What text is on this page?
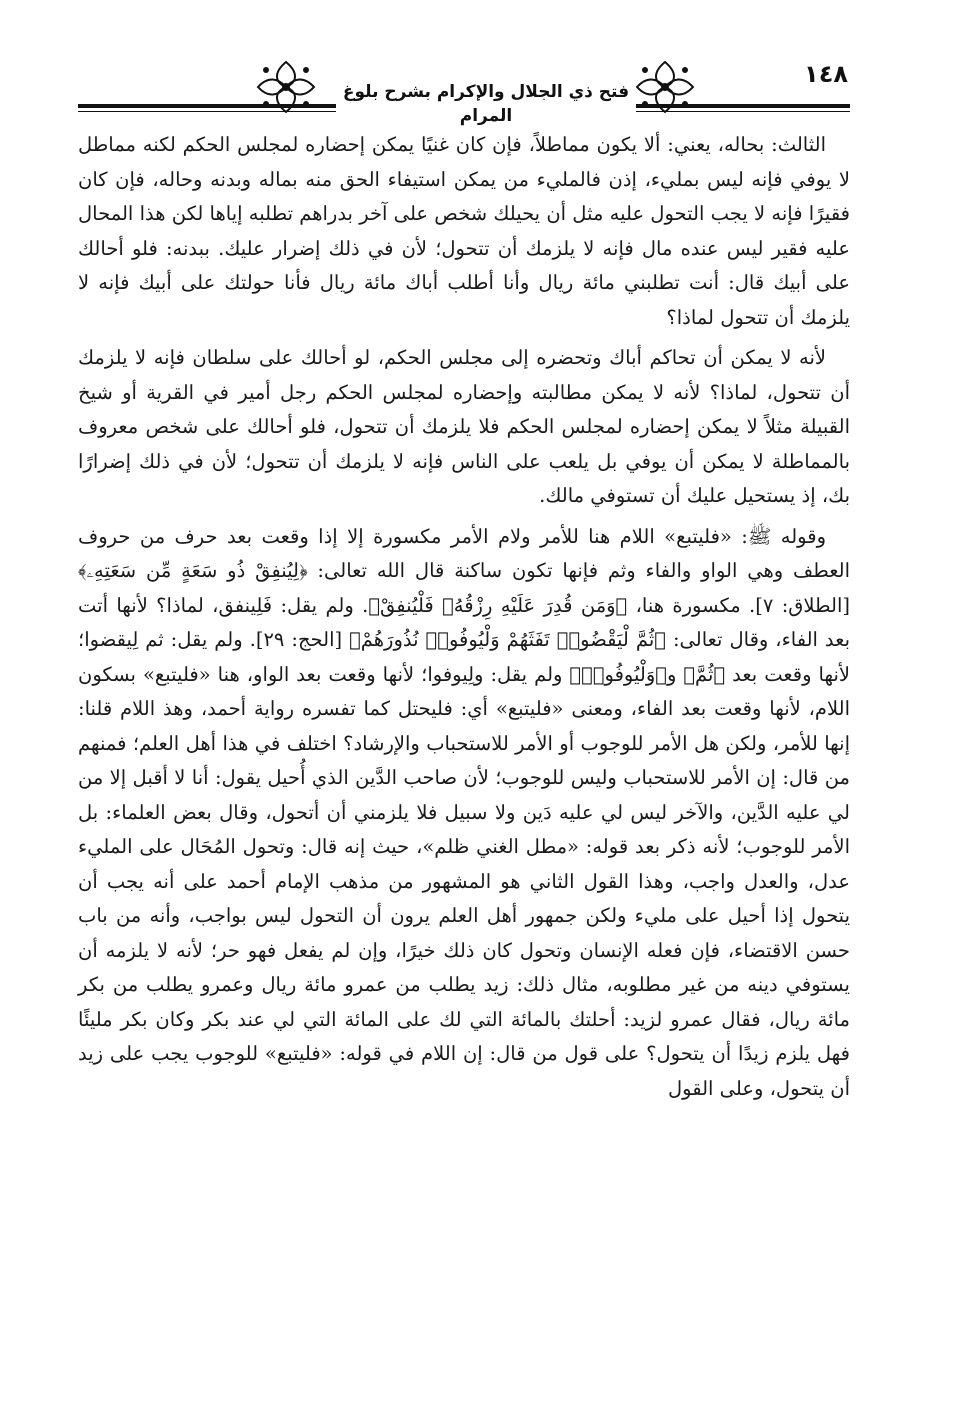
فتح ذي الجلال والإكرام بشرح بلوغ المرام
١٤٨

الثالث: بحاله، يعني: ألا يكون مماطلاً، فإن كان غنيًا يمكن إحضاره لمجلس الحكم لكنه مماطل لا يوفي فإنه ليس بملي‌ء، إذن فالملي‌ء من يمكن استيفاء الحق منه بماله وبدنه وحاله، فإن كان فقيرًا فإنه لا يجب التحول عليه مثل أن يحيلك شخص على آخر بدراهم تطلبه إياها لكن هذا المحال عليه فقير ليس عنده مال فإنه لا يلزمك أن تتحول؛ لأن في ذلك إضرار عليك. ببدنه: فلو أحالك على أبيك قال: أنت تطلبني مائة ريال وأنا أطلب أباك مائة ريال فأنا حولتك على أبيك فإنه لا يلزمك أن تتحول لماذا؟

لأنه لا يمكن أن تحاكم أباك وتحضره إلى مجلس الحكم، لو أحالك على سلطان فإنه لا يلزمك أن تتحول، لماذا؟ لأنه لا يمكن مطالبته وإحضاره لمجلس الحكم رجل أمير في القرية أو شيخ القبيلة مثلاً لا يمكن إحضاره لمجلس الحكم فلا يلزمك أن تتحول، فلو أحالك على شخص معروف بالمماطلة لا يمكن أن يوفي بل يلعب على الناس فإنه لا يلزمك أن تتحول؛ لأن في ذلك إضرارًا بك، إذ يستحيل عليك أن تستوفي مالك.

وقوله ﷺ: «فليتبع» اللام هنا للأمر ولام الأمر مكسورة إلا إذا وقعت بعد حرف من حروف العطف وهي الواو والفاء وثم فإنها تكون ساكنة قال الله تعالى: ﴿لِيُنفِقْ ذُو سَعَةٍ مِّن سَعَتِهِۦ﴾ [الطلاق: ٧]. مكسورة هنا، ﴿وَمَن قُدِرَ عَلَيْهِ رِزْقُهُۥ فَلْيُنفِقْ﴾. ولم يقل: فَلِينفق، لماذا؟ لأنها أتت بعد الفاء، وقال تعالى: ﴿ثُمَّ لْيَقْضُوا۟ تَفَثَهُمْ وَلْيُوفُوا۟ نُذُورَهُمْ﴾ [الحج: ٢٩]. ولم يقل: ثم لِيقضوا؛ لأنها وقعت بعد ﴿ثُمَّ﴾ و﴿وَلْيُوفُوا۟﴾ ولم يقل: ولِيوفوا؛ لأنها وقعت بعد الواو، هنا «فليتبع» بسكون اللام، لأنها وقعت بعد الفاء، ومعنى «فليتبع» أي: فليحتل كما تفسره رواية أحمد، وهذ اللام قلنا: إنها للأمر، ولكن هل الأمر للوجوب أو الأمر للاستحباب والإرشاد؟ اختلف في هذا أهل العلم؛ فمنهم من قال: إن الأمر للاستحباب وليس للوجوب؛ لأن صاحب الدَّين الذي أُحيل يقول: أنا لا أقبل إلا من لي عليه الدَّين، والآخر ليس لي عليه دَين ولا سبيل فلا يلزمني أن أتحول، وقال بعض العلماء: بل الأمر للوجوب؛ لأنه ذكر بعد قوله: «مطل الغني ظلم»، حيث إنه قال: وتحول المُحَال على الملي‌ء عدل، والعدل واجب، وهذا القول الثاني هو المشهور من مذهب الإمام أحمد على أنه يجب أن يتحول إذا أحيل على ملي‌ء ولكن جمهور أهل العلم يرون أن التحول ليس بواجب، وأنه من باب حسن الاقتضاء، فإن فعله الإنسان وتحول كان ذلك خيرًا، وإن لم يفعل فهو حر؛ لأنه لا يلزمه أن يستوفي دينه من غير مطلوبه، مثال ذلك: زيد يطلب من عمرو مائة ريال وعمرو يطلب من بكر مائة ريال، فقال عمرو لزيد: أحلتك بالمائة التي لك على المائة التي لي عند بكر وكان بكر مليئًا فهل يلزم زيدًا أن يتحول؟ على قول من قال: إن اللام في قوله: «فليتبع» للوجوب يجب على زيد أن يتحول، وعلى القول
